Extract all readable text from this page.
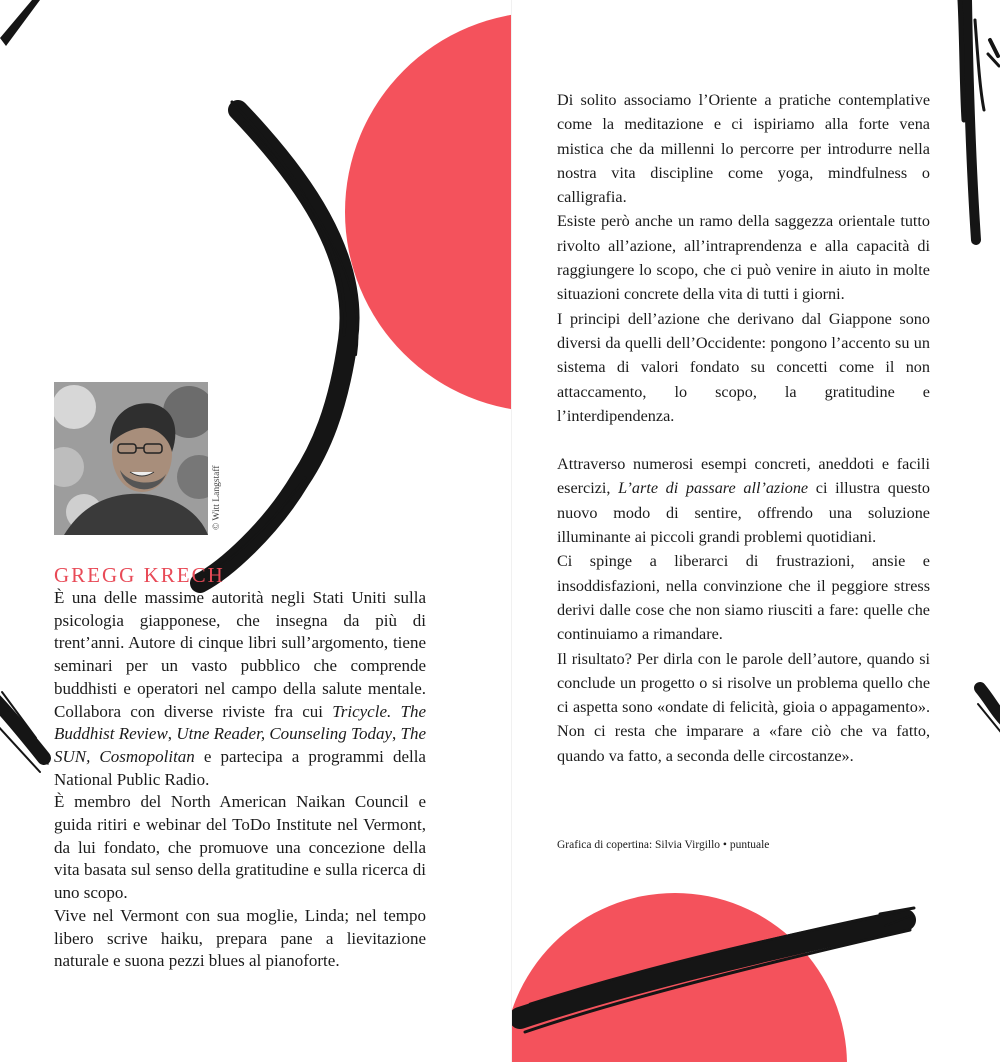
© Witt Langstaff
GREGG KRECH

È una delle massime autorità negli Stati Uniti sulla psicologia giapponese, che insegna da più di trent’anni. Autore di cinque libri sull’argomento, tiene seminari per un vasto pubblico che comprende buddhisti e operatori nel campo della salute mentale. Collabora con diverse riviste fra cui Tricycle. The Buddhist Review, Utne Reader, Counseling Today, The SUN, Cosmopolitan e partecipa a programmi della National Public Radio.

È membro del North American Naikan Council e guida ritiri e webinar del ToDo Institute nel Vermont, da lui fondato, che promuove una concezione della vita basata sul senso della gratitudine e sulla ricerca di uno scopo.

Vive nel Vermont con sua moglie, Linda; nel tempo libero scrive haiku, prepara pane a lievitazione naturale e suona pezzi blues al pianoforte.

Di solito associamo l’Oriente a pratiche contemplative come la meditazione e ci ispiriamo alla forte vena mistica che da millenni lo percorre per introdurre nella nostra vita discipline come yoga, mindfulness o calligrafia.

Esiste però anche un ramo della saggezza orientale tutto rivolto all’azione, all’intraprendenza e alla capacità di raggiungere lo scopo, che ci può venire in aiuto in molte situazioni concrete della vita di tutti i giorni.

I principi dell’azione che derivano dal Giappone sono diversi da quelli dell’Occidente: pongono l’accento su un sistema di valori fondato su concetti come il non attaccamento, lo scopo, la gratitudine e l’interdipendenza.

Attraverso numerosi esempi concreti, aneddoti e facili esercizi, L’arte di passare all’azione ci illustra questo nuovo modo di sentire, offrendo una soluzione illuminante ai piccoli grandi problemi quotidiani.

Ci spinge a liberarci di frustrazioni, ansie e insoddisfazioni, nella convinzione che il peggiore stress derivi dalle cose che non siamo riusciti a fare: quelle che continuiamo a rimandare.

Il risultato? Per dirla con le parole dell’autore, quando si conclude un progetto o si risolve un problema quello che ci aspetta sono «ondate di felicità, gioia o appagamento». Non ci resta che imparare a «fare ciò che va fatto, quando va fatto, a seconda delle circostanze».

Grafica di copertina: Silvia Virgillo • puntuale
